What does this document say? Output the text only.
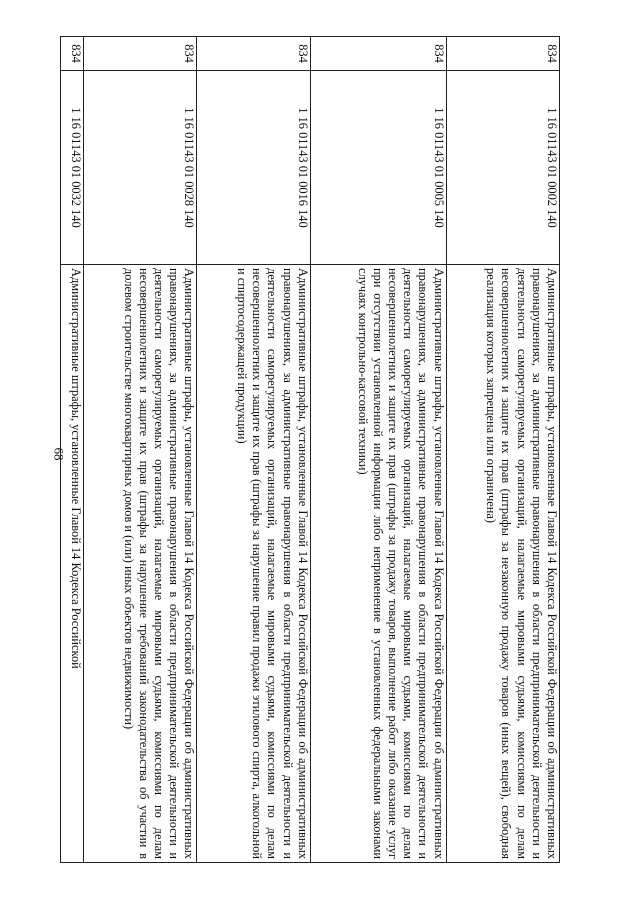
68
834	1 16 01143 01 0002 140	Административные штрафы, установленные Главой 14 Кодекса Российской Федерации об административных правонарушениях, за административные правонарушения в области предпринимательской деятельности и деятельности саморегулируемых организаций, налагаемые мировыми судьями, комиссиями по делам несовершеннолетних и защите их прав (штрафы за незаконную продажу товаров (иных вещей), свободная реализация которых запрещена или ограничена)
834	1 16 01143 01 0005 140	Административные штрафы, установленные Главой 14 Кодекса Российской Федерации об административных правонарушениях, за административные правонарушения в области предпринимательской деятельности и деятельности саморегулируемых организаций, налагаемые мировыми судьями, комиссиями по делам несовершеннолетних и защите их прав (штрафы за продажу товаров, выполнение работ либо оказание услуг при отсутствии установленной информации либо неприменение в установленных федеральными законами случаях контрольно-кассовой техники)
834	1 16 01143 01 0016 140	Административные штрафы, установленные Главой 14 Кодекса Российской Федерации об административных правонарушениях, за административные правонарушения в области предпринимательской деятельности и деятельности саморегулируемых организаций, налагаемые мировыми судьями, комиссиями по делам несовершеннолетних и защите их прав (штрафы за нарушение правил продажи этилового спирта, алкогольной и спиртосодержащей продукции)
834	1 16 01143 01 0028 140	Административные штрафы, установленные Главой 14 Кодекса Российской Федерации об административных правонарушениях, за административные правонарушения в области предпринимательской деятельности и деятельности саморегулируемых организаций, налагаемые мировыми судьями, комиссиями по делам несовершеннолетних и защите их прав (штрафы за нарушение требований законодательства об участии в долевом строительстве многоквартирных домов и (или) иных объектов недвижимости)
834	1 16 01143 01 0032 140	Административные штрафы, установленные Главой 14 Кодекса Российской
